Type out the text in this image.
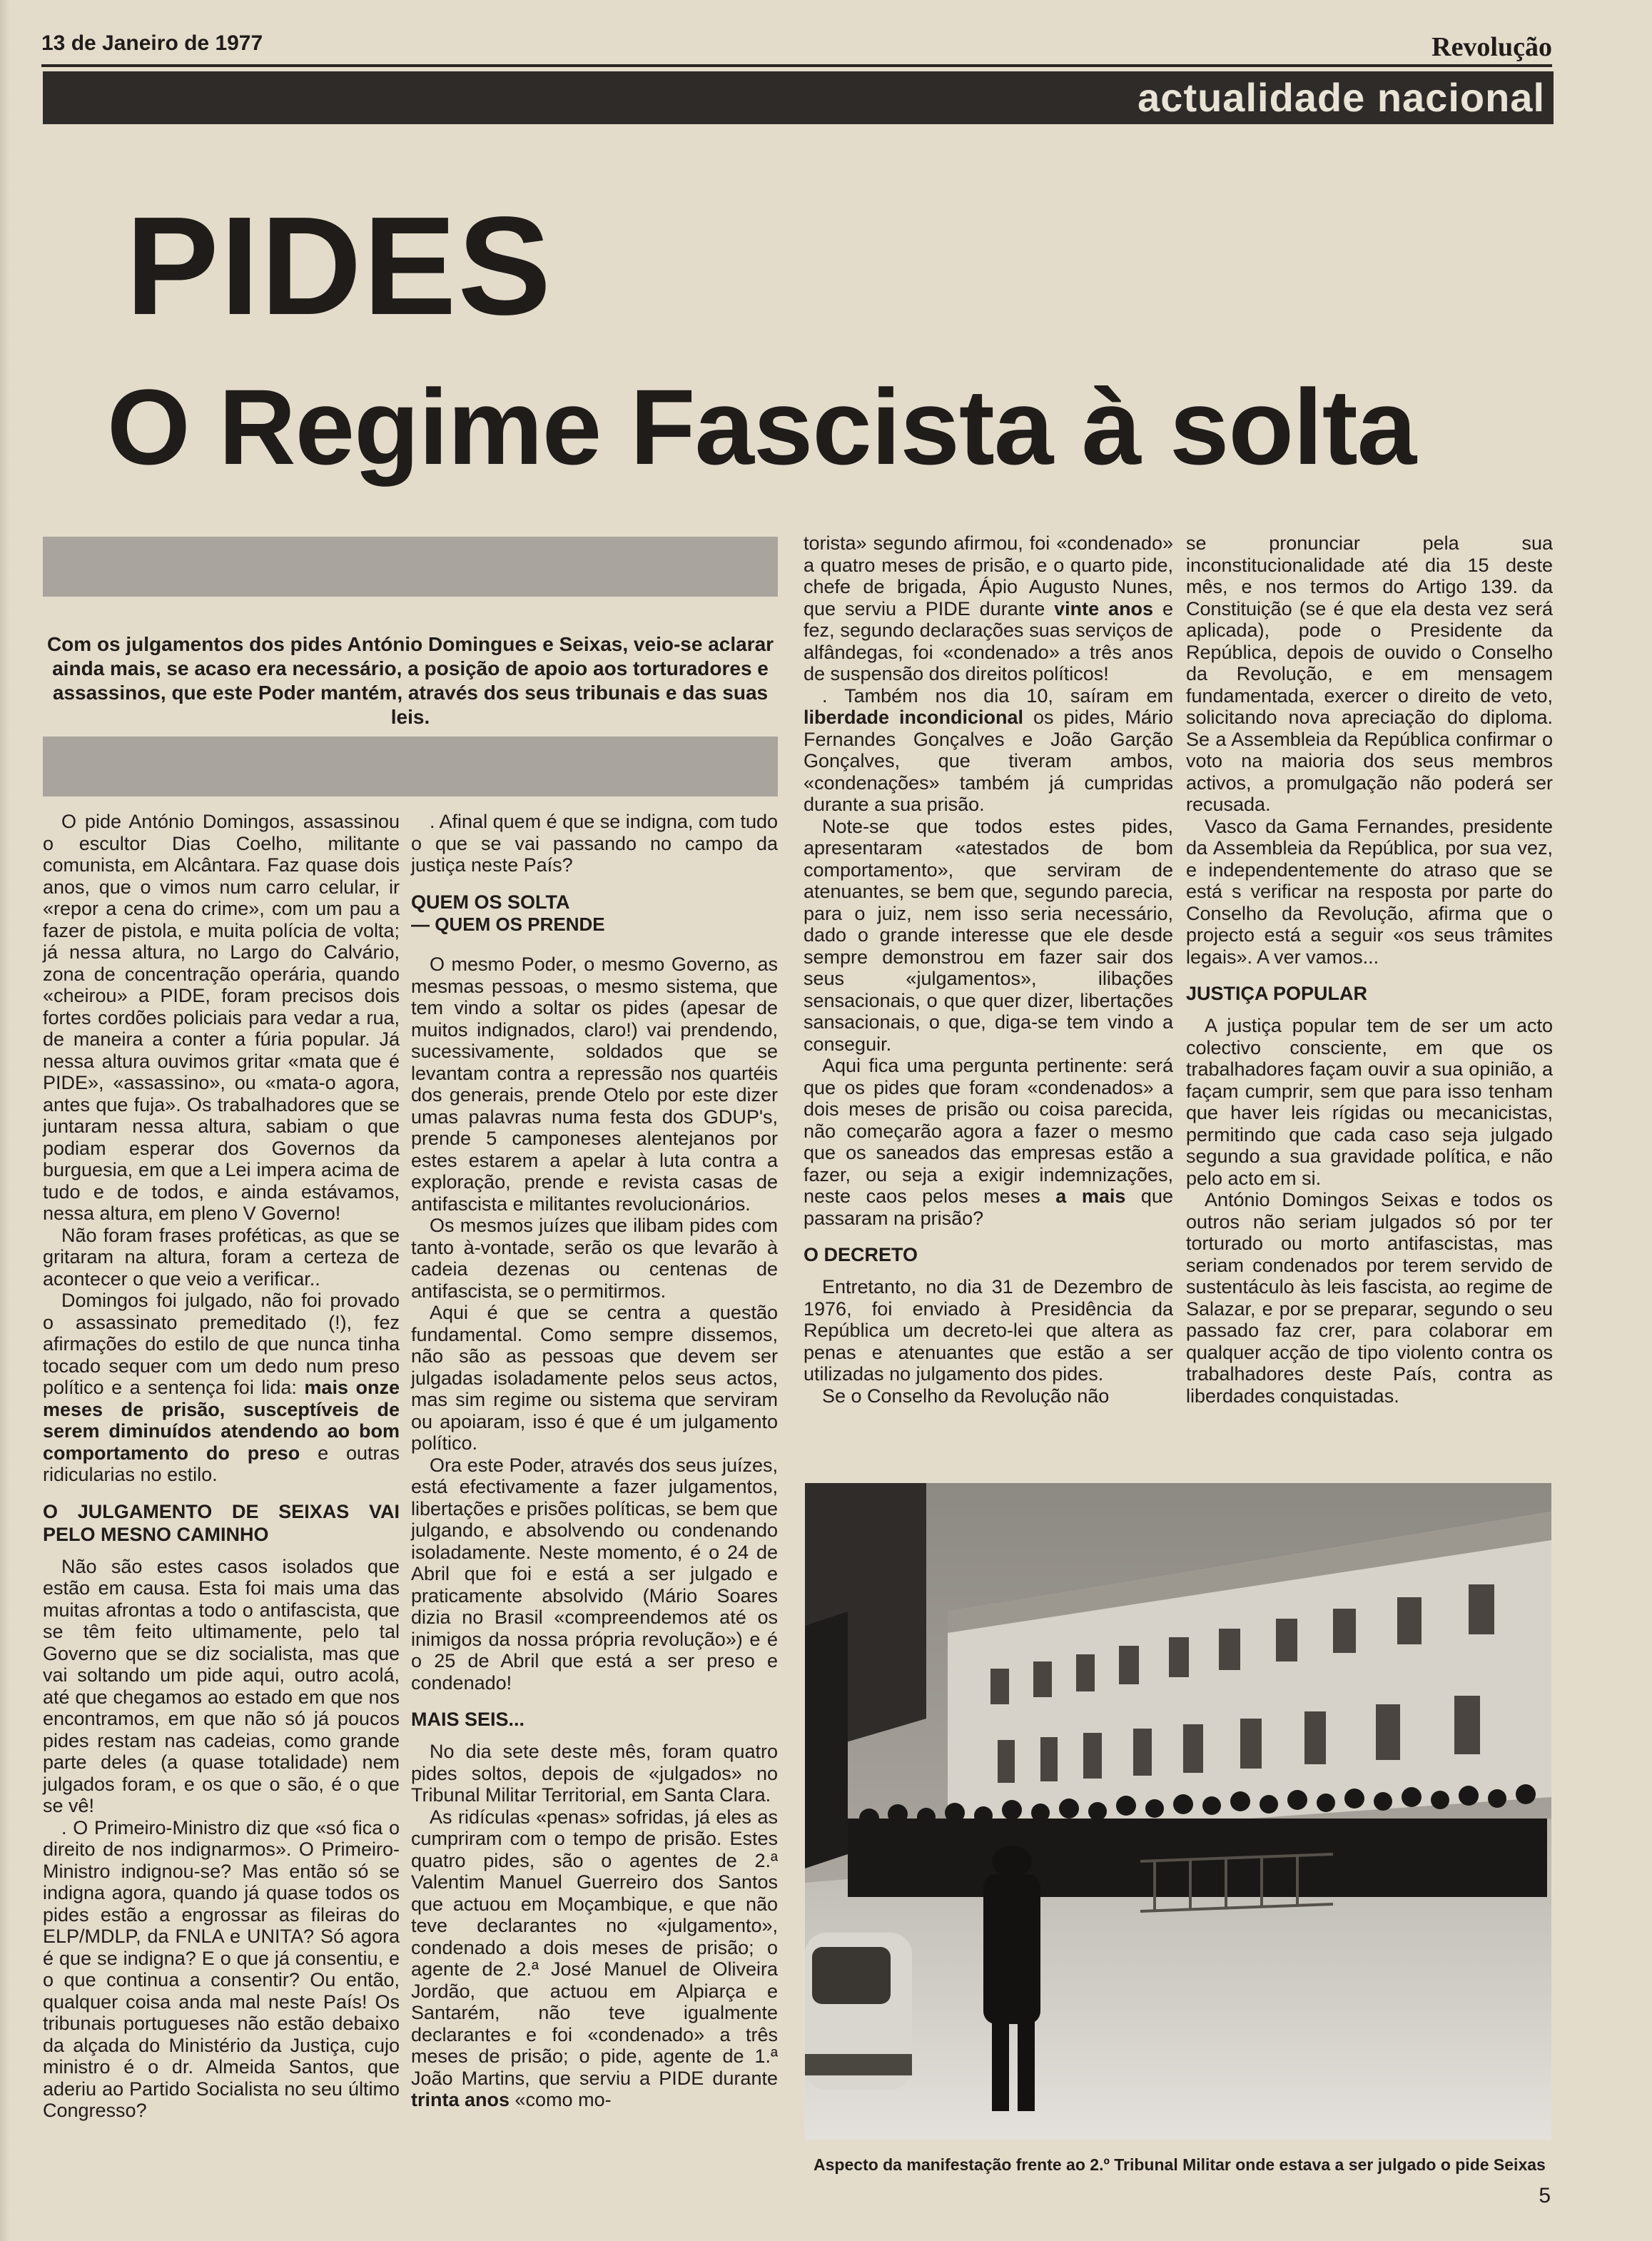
13 de Janeiro de 1977	Revolução
actualidade nacional
PIDES
O Regime Fascista à solta
Com os julgamentos dos pides António Domingues e Seixas, veio-se aclarar ainda mais, se acaso era necessário, a posição de apoio aos torturadores e assassinos, que este Poder mantém, através dos seus tribunais e das suas leis.

O pide António Domingos, assassinou o escultor Dias Coelho, militante comunista, em Alcântara. Faz quase dois anos, que o vimos num carro celular, ir «repor a cena do crime», com um pau a fazer de pistola, e muita polícia de volta; já nessa altura, no Largo do Calvário, zona de concentração operária, quando «cheirou» a PIDE, foram precisos dois fortes cordões policiais para vedar a rua, de maneira a conter a fúria popular. Já nessa altura ouvimos gritar «mata que é PIDE», «assassino», ou «mata-o agora, antes que fuja». Os trabalhadores que se juntaram nessa altura, sabiam o que podiam esperar dos Governos da burguesia, em que a Lei impera acima de tudo e de todos, e ainda estávamos, nessa altura, em pleno V Governo!

Não foram frases proféticas, as que se gritaram na altura, foram a certeza de acontecer o que veio a verificar..

Domingos foi julgado, não foi provado o assassinato premeditado (!), fez afirmações do estilo de que nunca tinha tocado sequer com um dedo num preso político e a sentença foi lida: mais onze meses de prisão, susceptíveis de serem diminuídos atendendo ao bom comportamento do preso e outras ridicularias no estilo.

O JULGAMENTO DE SEIXAS VAI PELO MESNO CAMINHO

Não são estes casos isolados que estão em causa. Esta foi mais uma das muitas afrontas a todo o antifascista, que se têm feito ultimamente, pelo tal Governo que se diz socialista, mas que vai soltando um pide aqui, outro acolá, até que chegamos ao estado em que nos encontramos, em que não só já poucos pides restam nas cadeias, como grande parte deles (a quase totalidade) nem julgados foram, e os que o são, é o que se vê!

. O Primeiro-Ministro diz que «só fica o direito de nos indignarmos». O Primeiro-Ministro indignou-se? Mas então só se indigna agora, quando já quase todos os pides estão a engrossar as fileiras do ELP/MDLP, da FNLA e UNITA? Só agora é que se indigna? E o que já consentiu, e o que continua a consentir? Ou então, qualquer coisa anda mal neste País! Os tribunais portugueses não estão debaixo da alçada do Ministério da Justiça, cujo ministro é o dr. Almeida Santos, que aderiu ao Partido Socialista no seu último Congresso?

. Afinal quem é que se indigna, com tudo o que se vai passando no campo da justiça neste País?

QUEM OS SOLTA
— QUEM OS PRENDE

O mesmo Poder, o mesmo Governo, as mesmas pessoas, o mesmo sistema, que tem vindo a soltar os pides (apesar de muitos indignados, claro!) vai prendendo, sucessivamente, soldados que se levantam contra a repressão nos quartéis dos generais, prende Otelo por este dizer umas palavras numa festa dos GDUP's, prende 5 camponeses alentejanos por estes estarem a apelar à luta contra a exploração, prende e revista casas de antifascista e militantes revolucionários.

Os mesmos juízes que ilibam pides com tanto à-vontade, serão os que levarão à cadeia dezenas ou centenas de antifascista, se o permitirmos.

Aqui é que se centra a questão fundamental. Como sempre dissemos, não são as pessoas que devem ser julgadas isoladamente pelos seus actos, mas sim regime ou sistema que serviram ou apoiaram, isso é que é um julgamento político.

Ora este Poder, através dos seus juízes, está efectivamente a fazer julgamentos, libertações e prisões políticas, se bem que julgando, e absolvendo ou condenando isoladamente. Neste momento, é o 24 de Abril que foi e está a ser julgado e praticamente absolvido (Mário Soares dizia no Brasil «compreendemos até os inimigos da nossa própria revolução») e é o 25 de Abril que está a ser preso e condenado!

MAIS SEIS...

No dia sete deste mês, foram quatro pides soltos, depois de «julgados» no Tribunal Militar Territorial, em Santa Clara.

As ridículas «penas» sofridas, já eles as cumpriram com o tempo de prisão. Estes quatro pides, são o agentes de 2.ª Valentim Manuel Guerreiro dos Santos que actuou em Moçambique, e que não teve declarantes no «julgamento», condenado a dois meses de prisão; o agente de 2.ª José Manuel de Oliveira Jordão, que actuou em Alpiarça e Santarém, não teve igualmente declarantes e foi «condenado» a três meses de prisão; o pide, agente de 1.ª João Martins, que serviu a PIDE durante trinta anos «como mo-

torista» segundo afirmou, foi «condenado» a quatro meses de prisão, e o quarto pide, chefe de brigada, Ápio Augusto Nunes, que serviu a PIDE durante vinte anos e fez, segundo declarações suas serviços de alfândegas, foi «condenado» a três anos de suspensão dos direitos políticos!

. Também nos dia 10, saíram em liberdade incondicional os pides, Mário Fernandes Gonçalves e João Garção Gonçalves, que tiveram ambos, «condenações» também já cumpridas durante a sua prisão.

Note-se que todos estes pides, apresentaram «atestados de bom comportamento», que serviram de atenuantes, se bem que, segundo parecia, para o juiz, nem isso seria necessário, dado o grande interesse que ele desde sempre demonstrou em fazer sair dos seus «julgamentos», ilibações sensacionais, o que quer dizer, libertações sansacionais, o que, diga-se tem vindo a conseguir.

Aqui fica uma pergunta pertinente: será que os pides que foram «condenados» a dois meses de prisão ou coisa parecida, não começarão agora a fazer o mesmo que os saneados das empresas estão a fazer, ou seja a exigir indemnizações, neste caos pelos meses a mais que passaram na prisão?

O DECRETO

Entretanto, no dia 31 de Dezembro de 1976, foi enviado à Presidência da República um decreto-lei que altera as penas e atenuantes que estão a ser utilizadas no julgamento dos pides.

Se o Conselho da Revolução não

se pronunciar pela sua inconstitucionalidade até dia 15 deste mês, e nos termos do Artigo 139. da Constituição (se é que ela desta vez será aplicada), pode o Presidente da República, depois de ouvido o Conselho da Revolução, e em mensagem fundamentada, exercer o direito de veto, solicitando nova apreciação do diploma. Se a Assembleia da República confirmar o voto na maioria dos seus membros activos, a promulgação não poderá ser recusada.

Vasco da Gama Fernandes, presidente da Assembleia da República, por sua vez, e independentemente do atraso que se está s verificar na resposta por parte do Conselho da Revolução, afirma que o projecto está a seguir «os seus trâmites legais». A ver vamos...

JUSTIÇA POPULAR

A justiça popular tem de ser um acto colectivo consciente, em que os trabalhadores façam ouvir a sua opinião, a façam cumprir, sem que para isso tenham que haver leis rígidas ou mecanicistas, permitindo que cada caso seja julgado segundo a sua gravidade política, e não pelo acto em si.

António Domingos Seixas e todos os outros não seriam julgados só por ter torturado ou morto antifascistas, mas seriam condenados por terem servido de sustentáculo às leis fascista, ao regime de Salazar, e por se preparar, segundo o seu passado faz crer, para colaborar em qualquer acção de tipo violento contra os trabalhadores deste País, contra as liberdades conquistadas.

Aspecto da manifestação frente ao 2.º Tribunal Militar onde estava a ser julgado o pide Seixas
5
